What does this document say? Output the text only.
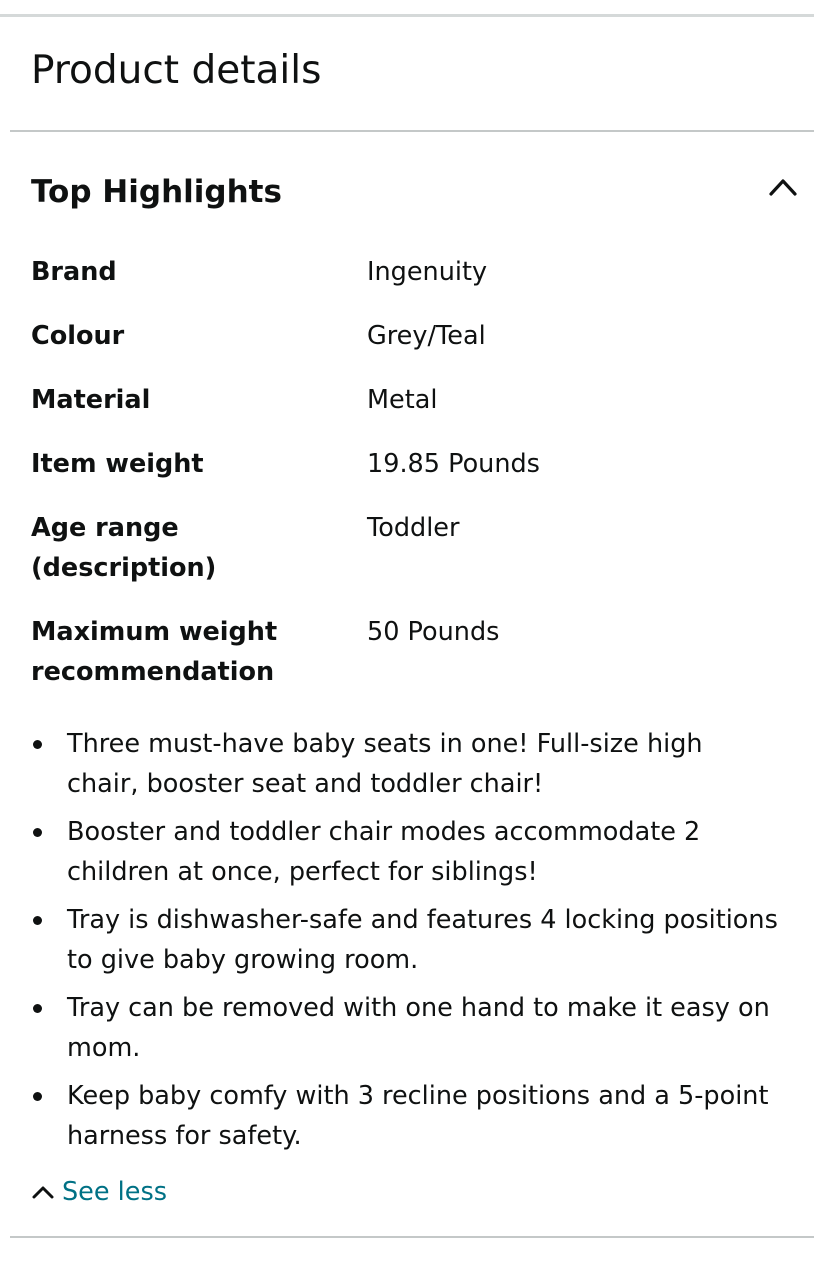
Product details
Top Highlights
Brand	Ingenuity
Colour	Grey/Teal
Material	Metal
Item weight	19.85 Pounds
Age range (description)	Toddler
Maximum weight recommendation	50 Pounds
Three must-have baby seats in one! Full-size high chair, booster seat and toddler chair!
Booster and toddler chair modes accommodate 2 children at once, perfect for siblings!
Tray is dishwasher-safe and features 4 locking positions to give baby growing room.
Tray can be removed with one hand to make it easy on mom.
Keep baby comfy with 3 recline positions and a 5-point harness for safety.
See less
